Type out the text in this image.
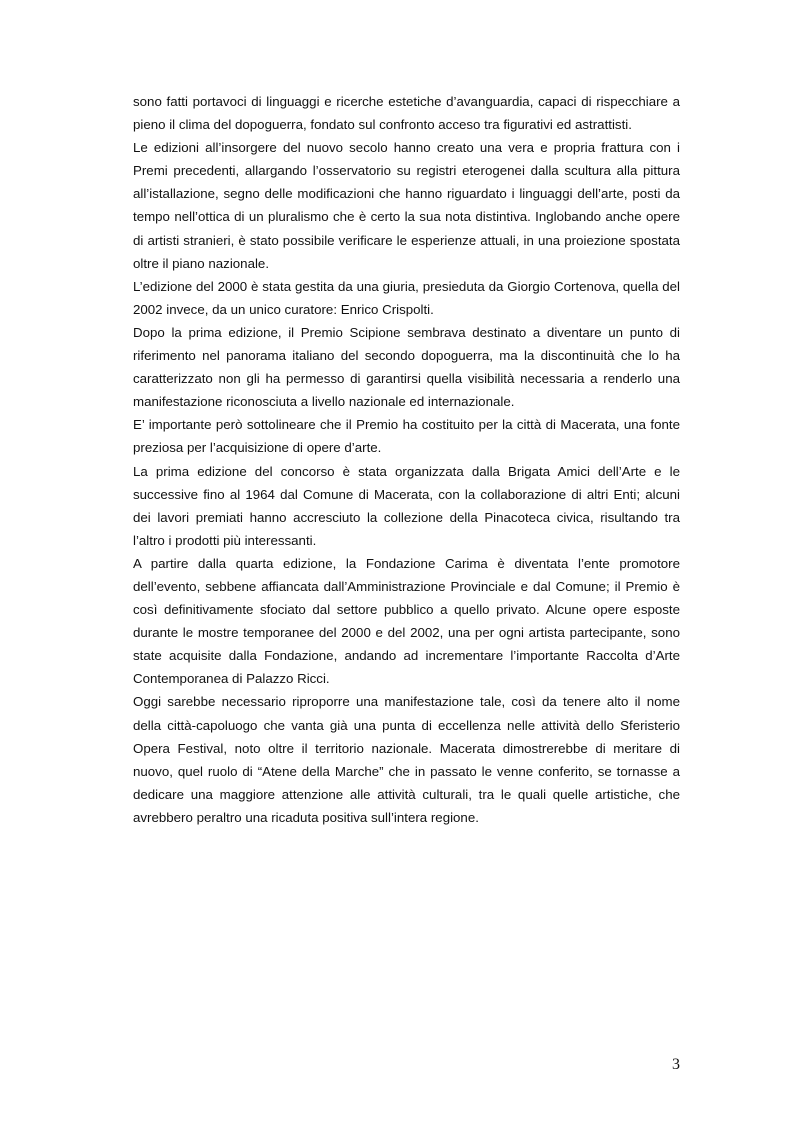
sono fatti portavoci di linguaggi e ricerche estetiche d’avanguardia, capaci di rispecchiare a
pieno il clima del dopoguerra, fondato sul confronto acceso tra figurativi ed astrattisti.
Le edizioni all’insorgere del nuovo secolo hanno creato una vera e propria frattura con i
Premi precedenti, allargando l’osservatorio su registri eterogenei dalla scultura alla pittura
all’istallazione, segno delle modificazioni che hanno riguardato i linguaggi dell’arte, posti da
tempo nell’ottica di un pluralismo che è certo la sua nota distintiva. Inglobando anche opere
di artisti stranieri, è stato possibile verificare le esperienze attuali, in una proiezione spostata
oltre il piano nazionale.
L’edizione del 2000 è stata gestita da una giuria, presieduta da Giorgio Cortenova, quella del
2002 invece, da un unico curatore: Enrico Crispolti.
Dopo la prima edizione, il Premio Scipione sembrava destinato a diventare un punto di
riferimento nel panorama italiano del secondo dopoguerra, ma la discontinuità che lo ha
caratterizzato non gli ha permesso di garantirsi quella visibilità necessaria a renderlo una
manifestazione riconosciuta a livello nazionale ed internazionale.
E’ importante però sottolineare che il Premio ha costituito per la città di Macerata, una fonte
preziosa per l’acquisizione di opere d’arte.
La prima edizione del concorso è stata organizzata dalla Brigata Amici dell’Arte e le
successive fino al 1964 dal Comune di Macerata, con la collaborazione di altri Enti; alcuni
dei lavori premiati hanno accresciuto la collezione della Pinacoteca civica, risultando tra
l’altro i prodotti più interessanti.
A partire dalla quarta edizione, la Fondazione Carima è diventata l’ente promotore
dell’evento, sebbene affiancata dall’Amministrazione Provinciale e dal Comune; il Premio è
così definitivamente sfociato dal settore pubblico a quello privato. Alcune opere esposte
durante le mostre temporanee del 2000 e del 2002, una per ogni artista partecipante, sono
state acquisite dalla Fondazione, andando ad incrementare l’importante Raccolta d’Arte
Contemporanea di Palazzo Ricci.
Oggi sarebbe necessario riproporre una manifestazione tale, così da tenere alto il nome
della città-capoluogo che vanta già una punta di eccellenza nelle attività dello Sferisterio
Opera Festival, noto oltre il territorio nazionale. Macerata dimostrerebbe di meritare di
nuovo, quel ruolo di “Atene della Marche” che in passato le venne conferito, se tornasse a
dedicare una maggiore attenzione alle attività culturali, tra le quali quelle artistiche, che
avrebbero peraltro una ricaduta positiva sull’intera regione.
3
